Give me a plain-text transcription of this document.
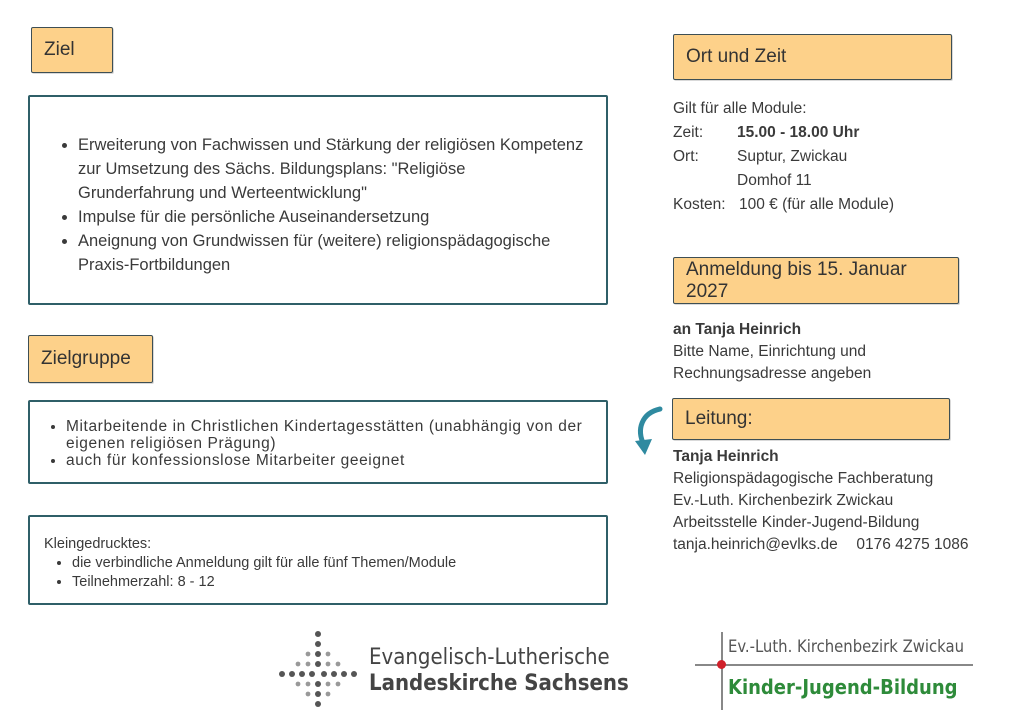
Ziel
• Erweiterung von Fachwissen und Stärkung der religiösen Kompetenz zur Umsetzung des Sächs. Bildungsplans: "Religiöse Grunderfahrung und Werteentwicklung"
• Impulse für die persönliche Auseinandersetzung
• Aneignung von Grundwissen für (weitere) religionspädagogische Praxis-Fortbildungen
Zielgruppe
• Mitarbeitende in Christlichen Kindertagesstätten (unabhängig von der eigenen religiösen Prägung)
• auch für konfessionslose Mitarbeiter geeignet
Kleingedrucktes:
• die verbindliche Anmeldung gilt für alle fünf Themen/Module
• Teilnehmerzahl: 8 - 12
Ort und Zeit
Gilt für alle Module:
Zeit:	15.00 - 18.00 Uhr
Ort:	Suptur, Zwickau
Domhof 11
Kosten: 100 € (für alle Module)
Anmeldung bis 15. Januar 2027
an Tanja Heinrich
Bitte Name, Einrichtung und
Rechnungsadresse angeben
Leitung:
Tanja Heinrich
Religionspädagogische Fachberatung
Ev.-Luth. Kirchenbezirk Zwickau
Arbeitsstelle Kinder-Jugend-Bildung
tanja.heinrich@evlks.de 0176 4275 1086
Evangelisch-Lutherische
Landeskirche Sachsens
Ev.-Luth. Kirchenbezirk Zwickau
Kinder-Jugend-Bildung
